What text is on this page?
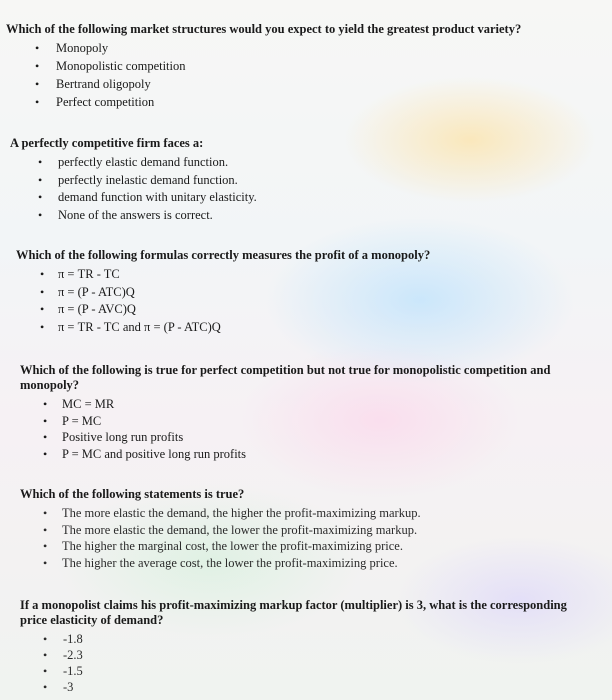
Which of the following market structures would you expect to yield the greatest product variety?

• Monopoly
• Monopolistic competition
• Bertrand oligopoly
• Perfect competition

A perfectly competitive firm faces a:

• perfectly elastic demand function.
• perfectly inelastic demand function.
• demand function with unitary elasticity.
• None of the answers is correct.

Which of the following formulas correctly measures the profit of a monopoly?

• π = TR - TC
• π = (P - ATC)Q
• π = (P - AVC)Q
• π = TR - TC and π = (P - ATC)Q

Which of the following is true for perfect competition but not true for monopolistic competition and monopoly?

• MC = MR
• P = MC
• Positive long run profits
• P = MC and positive long run profits

Which of the following statements is true?

• The more elastic the demand, the higher the profit-maximizing markup.
• The more elastic the demand, the lower the profit-maximizing markup.
• The higher the marginal cost, the lower the profit-maximizing price.
• The higher the average cost, the lower the profit-maximizing price.

If a monopolist claims his profit-maximizing markup factor (multiplier) is 3, what is the corresponding price elasticity of demand?

• -1.8
• -2.3
• -1.5
• -3
